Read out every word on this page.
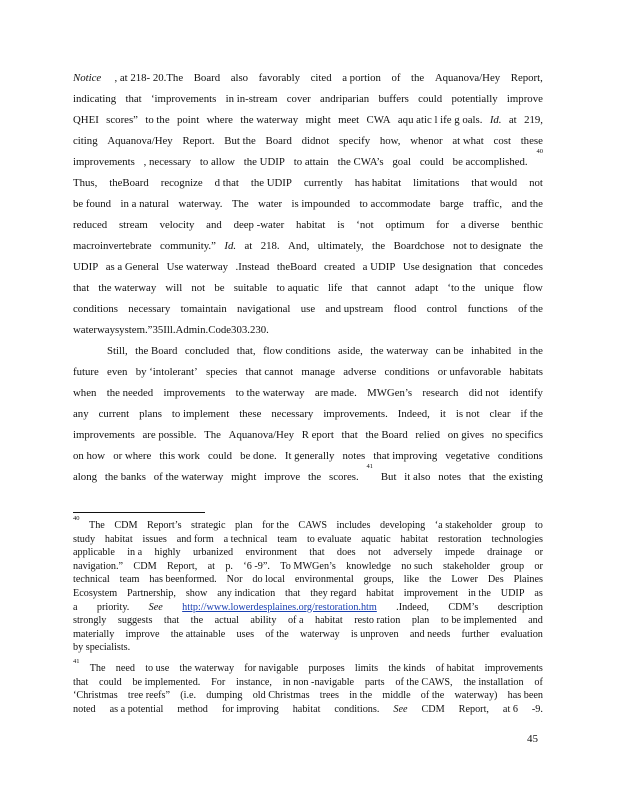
Notice , at 218- 20.The Board also favorably cited a portion of the Aquanova/Hey Report,
indicating that ‘improvements in in-stream cover andriparian buffers could potentially improve
QHEI scores” to the point where the waterway might meet CWA aqu atic l ife g oals. Id. at 219,
citing Aquanova/Hey Report. But the Board didnot specify how, whenor at what cost these
improvements , necessary to allow the UDIP to attain the CWA’s goal could be accomplished.
40
Thus, theBoard recognize d that the UDIP currently has habitat limitations that would not
be found in a natural waterway. The water is impounded to accommodate barge traffic, and the
reduced stream velocity and deep -water habitat is ‘not optimum for a diverse benthic
macroinvertebrate community.” Id. at 218. And, ultimately, the Boardchose not to designate the
UDIP as a General Use waterway .Instead theBoard created a UDIP Use designation that concedes
that the waterway will not be suitable to aquatic life that cannot adapt ‘to the unique flow
conditions necessary tomaintain navigational use and upstream flood control functions of the
waterway system.” 35Ill. Admin. Code 303.230.
Still, the Board concluded that, flow conditions aside, the waterway can be inhabited in the
future even by ‘intolerant’ species that cannot manage adverse conditions or unfavorable habitats
when the needed improvements to the waterway are made. MWGen’s research did not identify
any current plans to implement these necessary improvements. Indeed, it is not clear if the
improvements are possible. The Aquanova/Hey R eport that the Board relied on gives no specifics
on how or where this work could be done. It generally notes that improving vegetative conditions
along the banks of the waterway might improve the scores.
41
But it also notes that the existing
40
The CDM Report’s strategic plan for the CAWS includes developing ‘a stakeholder group to
study habitat issues and form a technical team to evaluate aquatic habitat restoration technologies
applicable in a highly urbanized environment that does not adversely impede drainage or
navigation.” CDM Report, at p. ‘6 -9”. To MWGen’s knowledge no such stakeholder group or
technical team has beenformed. Nor do local environmental groups, like the Lower Des Plaines
Ecosystem Partnership, show any indication that they regard habitat improvement in the UDIP as
a priority. See http://www.lowerdesplaines.org/restoration.htm .Indeed, CDM’s description
strongly suggests that the actual ability of a habitat resto ration plan to be implemented and
materially improve the attainable uses of the waterway is unproven and needs further evaluation
by specialists.
41
The need to use the waterway for navigable purposes limits the kinds of habitat improvements
that could be implemented. For instance, in non -navigable parts of the CAWS, the installation of
‘Christmas tree reefs” (i.e. dumping old Christmas trees in the middle of the waterway) has been
noted as a potential method for improving habitat conditions. See CDM Report, at 6 -9.
45
